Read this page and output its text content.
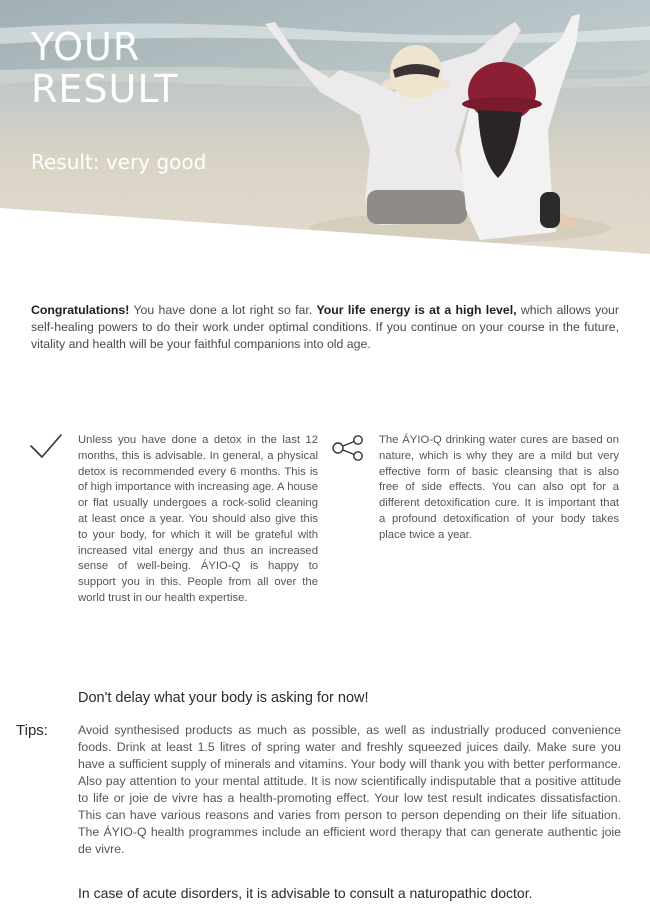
YOUR
RESULT

Result: very good

Congratulations! You have done a lot right so far. Your life energy is at a high level, which allows your self-healing powers to do their work under optimal conditions. If you continue on your course in the future, vitality and health will be your faithful companions into old age.

Unless you have done a detox in the last 12 months, this is advisable. In general, a physical detox is recommended every 6 months. This is of high importance with increasing age. A house or flat usually undergoes a rock-solid cleaning at least once a year. You should also give this to your body, for which it will be grateful with increased vital energy and thus an increased sense of well-being. ÁYIO-Q is happy to support you in this. People from all over the world trust in our health expertise.

The ÁYIO-Q drinking water cures are based on nature, which is why they are a mild but very effective form of basic cleansing that is also free of side effects. You can also opt for a different detoxification cure. It is important that a profound detoxification of your body takes place twice a year.

Don't delay what your body is asking for now!
Tips: Avoid synthesised products as much as possible, as well as industrially produced convenience foods. Drink at least 1.5 litres of spring water and freshly squeezed juices daily. Make sure you have a sufficient supply of minerals and vitamins. Your body will thank you with better performance. Also pay attention to your mental attitude. It is now scientifically indisputable that a positive attitude to life or joie de vivre has a health-promoting effect. Your low test result indicates dissatisfaction. This can have various reasons and varies from person to person depending on their life situation. The ÁYIO-Q health programmes include an efficient word therapy that can generate authentic joie de vivre.

In case of acute disorders, it is advisable to consult a naturopathic doctor.
